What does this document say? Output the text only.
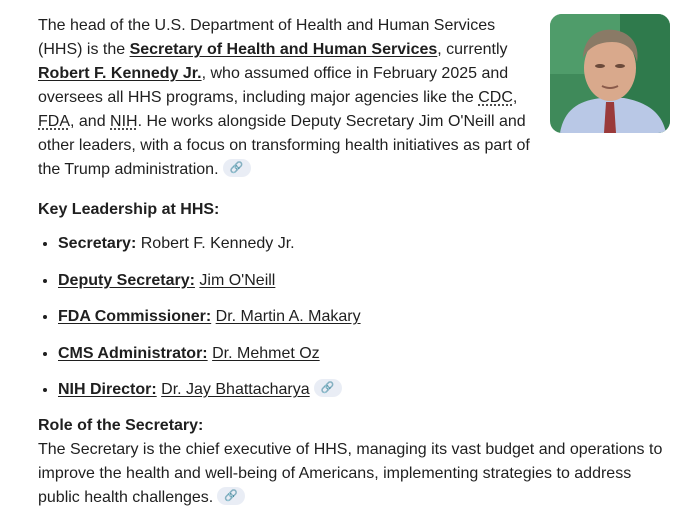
The head of the U.S. Department of Health and Human Services (HHS) is the Secretary of Health and Human Services, currently Robert F. Kennedy Jr., who assumed office in February 2025 and oversees all HHS programs, including major agencies like the CDC, FDA, and NIH. He works alongside Deputy Secretary Jim O'Neill and other leaders, with a focus on transforming health initiatives as part of the Trump administration. 🔗

Key Leadership at HHS:

• Secretary: Robert F. Kennedy Jr.
• Deputy Secretary: Jim O'Neill
• FDA Commissioner: Dr. Martin A. Makary
• CMS Administrator: Dr. Mehmet Oz
• NIH Director: Dr. Jay Bhattacharya 🔗

Role of the Secretary:

The Secretary is the chief executive of HHS, managing its vast budget and operations to improve the health and well-being of Americans, implementing strategies to address public health challenges. 🔗
